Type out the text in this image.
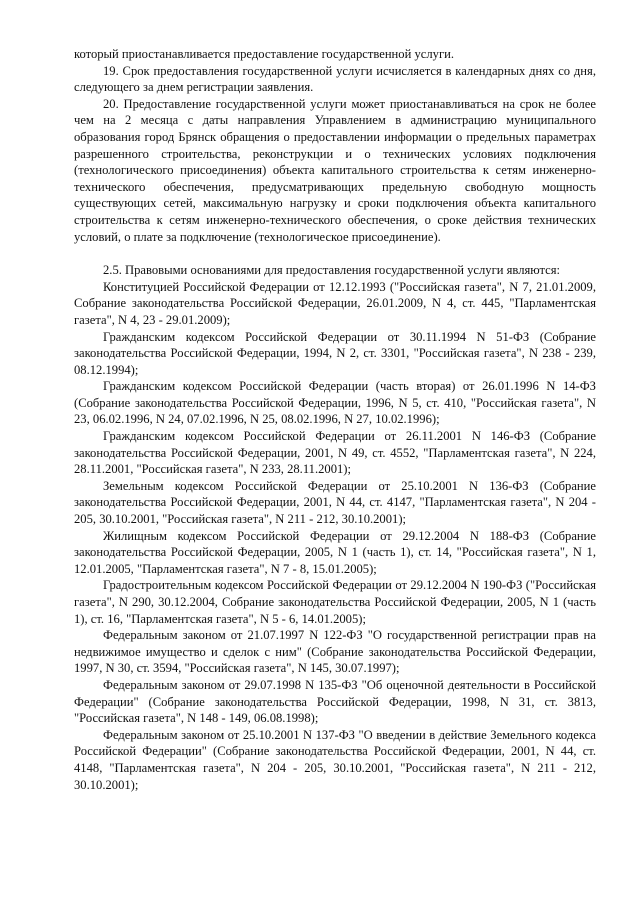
который приостанавливается предоставление государственной услуги.

19. Срок предоставления государственной услуги исчисляется в календарных днях со дня, следующего за днем регистрации заявления.

20. Предоставление государственной услуги может приостанавливаться на срок не более чем на 2 месяца с даты направления Управлением в администрацию муниципального образования город Брянск обращения о предоставлении информации о предельных параметрах разрешенного строительства, реконструкции и о технических условиях подключения (технологического присоединения) объекта капитального строительства к сетям инженерно-технического обеспечения, предусматривающих предельную свободную мощность существующих сетей, максимальную нагрузку и сроки подключения объекта капитального строительства к сетям инженерно-технического обеспечения, о сроке действия технических условий, о плате за подключение (технологическое присоединение).

2.5. Правовыми основаниями для предоставления государственной услуги являются:

Конституцией Российской Федерации от 12.12.1993 ("Российская газета", N 7, 21.01.2009, Собрание законодательства Российской Федерации, 26.01.2009, N 4, ст. 445, "Парламентская газета", N 4, 23 - 29.01.2009);

Гражданским кодексом Российской Федерации от 30.11.1994 N 51-ФЗ (Собрание законодательства Российской Федерации, 1994, N 2, ст. 3301, "Российская газета", N 238 - 239, 08.12.1994);

Гражданским кодексом Российской Федерации (часть вторая) от 26.01.1996 N 14-ФЗ (Собрание законодательства Российской Федерации, 1996, N 5, ст. 410, "Российская газета", N 23, 06.02.1996, N 24, 07.02.1996, N 25, 08.02.1996, N 27, 10.02.1996);

Гражданским кодексом Российской Федерации от 26.11.2001 N 146-ФЗ (Собрание законодательства Российской Федерации, 2001, N 49, ст. 4552, "Парламентская газета", N 224, 28.11.2001, "Российская газета", N 233, 28.11.2001);

Земельным кодексом Российской Федерации от 25.10.2001 N 136-ФЗ (Собрание законодательства Российской Федерации, 2001, N 44, ст. 4147, "Парламентская газета", N 204 - 205, 30.10.2001, "Российская газета", N 211 - 212, 30.10.2001);

Жилищным кодексом Российской Федерации от 29.12.2004 N 188-ФЗ (Собрание законодательства Российской Федерации, 2005, N 1 (часть 1), ст. 14, "Российская газета", N 1, 12.01.2005, "Парламентская газета", N 7 - 8, 15.01.2005);

Градостроительным кодексом Российской Федерации от 29.12.2004 N 190-ФЗ ("Российская газета", N 290, 30.12.2004, Собрание законодательства Российской Федерации, 2005, N 1 (часть 1), ст. 16, "Парламентская газета", N 5 - 6, 14.01.2005);

Федеральным законом от 21.07.1997 N 122-ФЗ "О государственной регистрации прав на недвижимое имущество и сделок с ним" (Собрание законодательства Российской Федерации, 1997, N 30, ст. 3594, "Российская газета", N 145, 30.07.1997);

Федеральным законом от 29.07.1998 N 135-ФЗ "Об оценочной деятельности в Российской Федерации" (Собрание законодательства Российской Федерации, 1998, N 31, ст. 3813, "Российская газета", N 148 - 149, 06.08.1998);

Федеральным законом от 25.10.2001 N 137-ФЗ "О введении в действие Земельного кодекса Российской Федерации" (Собрание законодательства Российской Федерации, 2001, N 44, ст. 4148, "Парламентская газета", N 204 - 205, 30.10.2001, "Российская газета", N 211 - 212, 30.10.2001);
